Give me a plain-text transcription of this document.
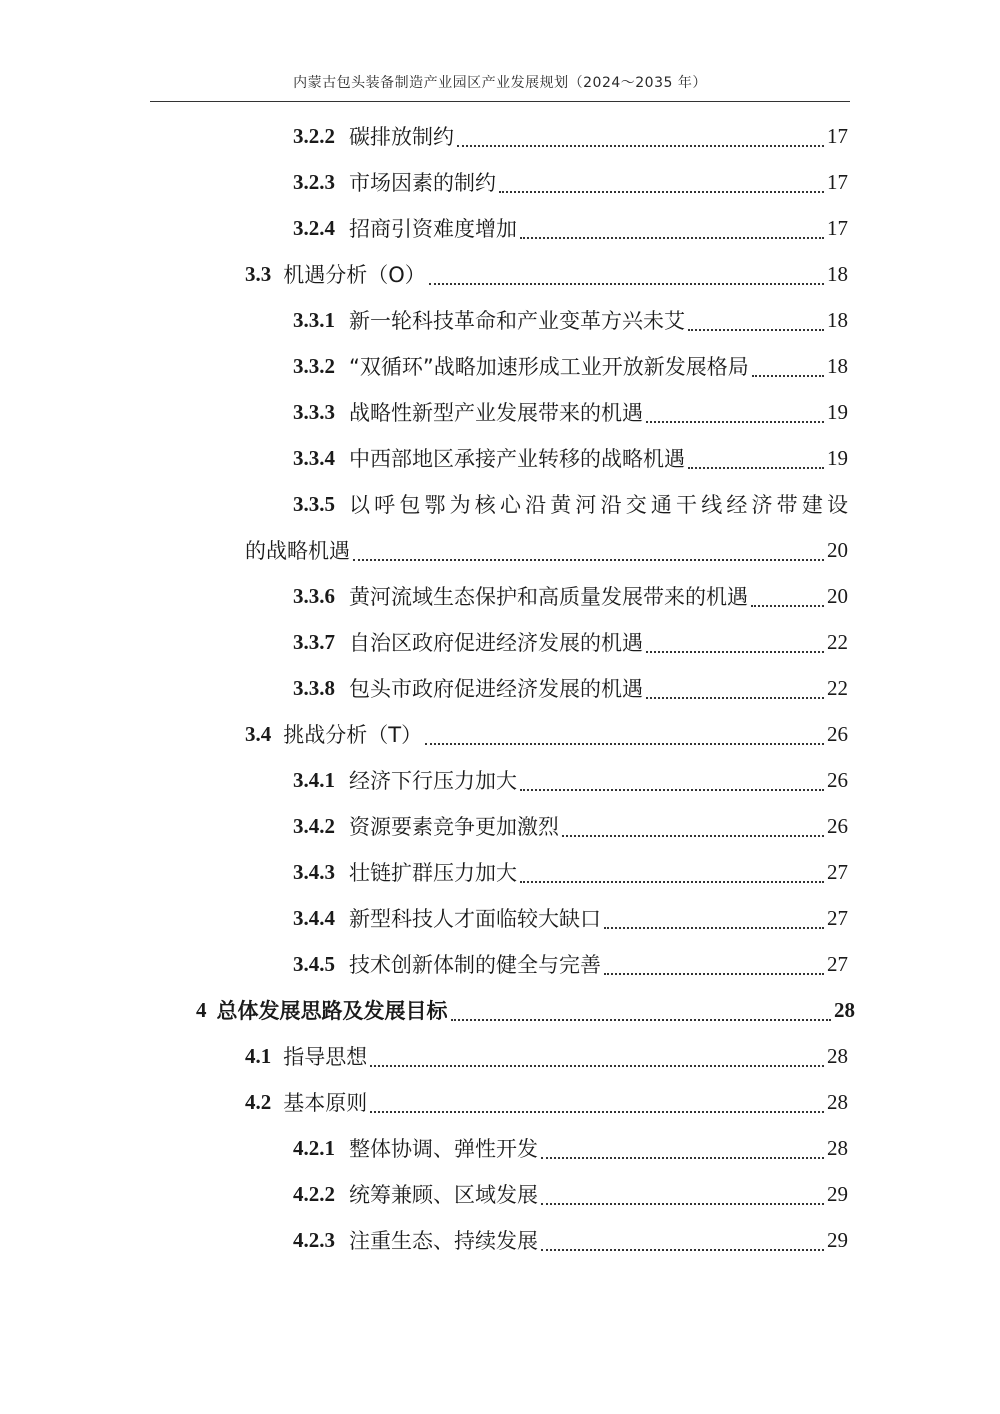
内蒙古包头装备制造产业园区产业发展规划（2024～2035 年）
3.2.2 碳排放制约	17
3.2.3 市场因素的制约	17
3.2.4 招商引资难度增加	17
3.3 机遇分析（O）	18
3.3.1 新一轮科技革命和产业变革方兴未艾	18
3.3.2 “双循环”战略加速形成工业开放新发展格局	18
3.3.3 战略性新型产业发展带来的机遇	19
3.3.4 中西部地区承接产业转移的战略机遇	19
3.3.5 以呼包鄂为核心沿黄河沿交通干线经济带建设
的战略机遇	20
3.3.6 黄河流域生态保护和高质量发展带来的机遇	20
3.3.7 自治区政府促进经济发展的机遇	22
3.3.8 包头市政府促进经济发展的机遇	22
3.4 挑战分析（T）	26
3.4.1 经济下行压力加大	26
3.4.2 资源要素竞争更加激烈	26
3.4.3 壮链扩群压力加大	27
3.4.4 新型科技人才面临较大缺口	27
3.4.5 技术创新体制的健全与完善	27
4 总体发展思路及发展目标	28
4.1 指导思想	28
4.2 基本原则	28
4.2.1 整体协调、弹性开发	28
4.2.2 统筹兼顾、区域发展	29
4.2.3 注重生态、持续发展	29
